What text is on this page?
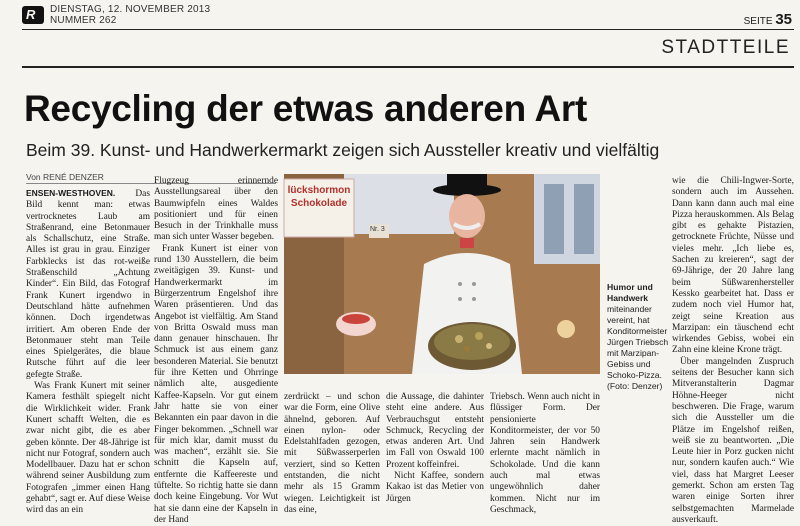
R DIENSTAG, 12. NOVEMBER 2013
NUMMER 262	SEITE 35
STADTTEILE
Recycling der etwas anderen Art
Beim 39. Kunst- und Handwerkermarkt zeigen sich Aussteller kreativ und vielfältig
Von RENÉ DENZER

ENSEN-WESTHOVEN. Das Bild kennt man: etwas vertrocknetes Laub am Straßenrand, eine Betonmauer als Schallschutz, eine Straße. Alles ist grau in grau. Einziger Farbklecks ist das rot-weiße Straßenschild „Achtung Kinder“. Ein Bild, das Fotograf Frank Kunert irgendwo in Deutschland hätte aufnehmen können. Doch irgendetwas irritiert. Am oberen Ende der Betonmauer steht man Teile eines Spielgerätes, die blaue Rutsche führt auf die leer gefegte Straße.

Was Frank Kunert mit seiner Kamera festhält spiegelt nicht die Wirklichkeit wider. Frank Kunert schafft Welten, die es zwar nicht gibt, die es aber geben könnte. Der 48-Jährige ist nicht nur Fotograf, sondern auch Modellbauer. Dazu hat er schon während seiner Ausbildung zum Fotografen „immer einen Hang gehabt“, sagt er. Auf diese Weise wird das an ein

Flugzeug erinnernde Ausstellungsareal über den Baumwipfeln eines Waldes positioniert und für einen Besuch in der Trinkhalle muss man sich unter Wasser begeben.

Frank Kunert ist einer von rund 130 Ausstellern, die beim zweitägigen 39. Kunst- und Handwerkermarkt im Bürgerzentrum Engelshof ihre Waren präsentieren. Und das Angebot ist vielfältig. Am Stand von Britta Oswald muss man dann genauer hinschauen. Ihr Schmuck ist aus einem ganz besonderen Material. Sie benutzt für ihre Ketten und Ohrringe nämlich alte, ausgediente Kaffee-Kapseln. Vor gut einem Jahr hatte sie von einer Bekannten ein paar davon in die Finger bekommen. „Schnell war für mich klar, damit musst du was machen“, erzählt sie. Sie schnitt die Kapseln auf, entfernte die Kaffeereste und tüftelte. So richtig hatte sie dann doch keine Eingebung. Vor Wut hat sie dann eine der Kapseln in der Hand

lückshormon
Schokolade
Nr. 3
Humor und Handwerk miteinander vereint, hat Konditormeister Jürgen Triebsch mit Marzipan-Gebiss und Schoko-Pizza. (Foto: Denzer)

zerdrückt – und schon war die Form, eine Olive ähnelnd, geboren. Auf einen nylon- oder Edelstahlfaden gezogen, mit Süßwasserperlen verziert, sind so Ketten entstanden, die nicht mehr als 15 Gramm wiegen. Leichtigkeit ist das eine,

die Aussage, die dahinter steht eine andere. Aus Verbrauchsgut entsteht Schmuck, Recycling der etwas anderen Art. Und im Fall von Oswald 100 Prozent koffeinfrei.

Nicht Kaffee, sondern Kakao ist das Metier von Jürgen

Triebsch. Wenn auch nicht in flüssiger Form. Der pensionierte Konditormeister, der vor 50 Jahren sein Handwerk erlernte macht nämlich in Schokolade. Und die kann auch mal etwas ungewöhnlich daher kommen. Nicht nur im Geschmack,

wie die Chili-Ingwer-Sorte, sondern auch im Aussehen. Dann kann dann auch mal eine Pizza herauskommen. Als Belag gibt es gehakte Pistazien, getrocknete Früchte, Nüsse und vieles mehr. „Ich liebe es, Sachen zu kreieren“, sagt der 69-Jährige, der 20 Jahre lang beim Süßwarenhersteller Kessko gearbeitet hat. Dass er zudem noch viel Humor hat, zeigt seine Kreation aus Marzipan: ein täuschend echt wirkendes Gebiss, wobei ein Zahn eine kleine Krone trägt.

Über mangelnden Zuspruch seitens der Besucher kann sich Mitveranstalterin Dagmar Höhne-Heeger nicht beschweren. Die Frage, warum sich die Aussteller um die Plätze im Engelshof reißen, weiß sie zu beantworten. „Die Leute hier in Porz gucken nicht nur, sondern kaufen auch.“ Wie viel, dass hat Margret Leeser gemerkt. Schon am ersten Tag waren einige Sorten ihrer selbstgemachten Marmelade ausverkauft.
